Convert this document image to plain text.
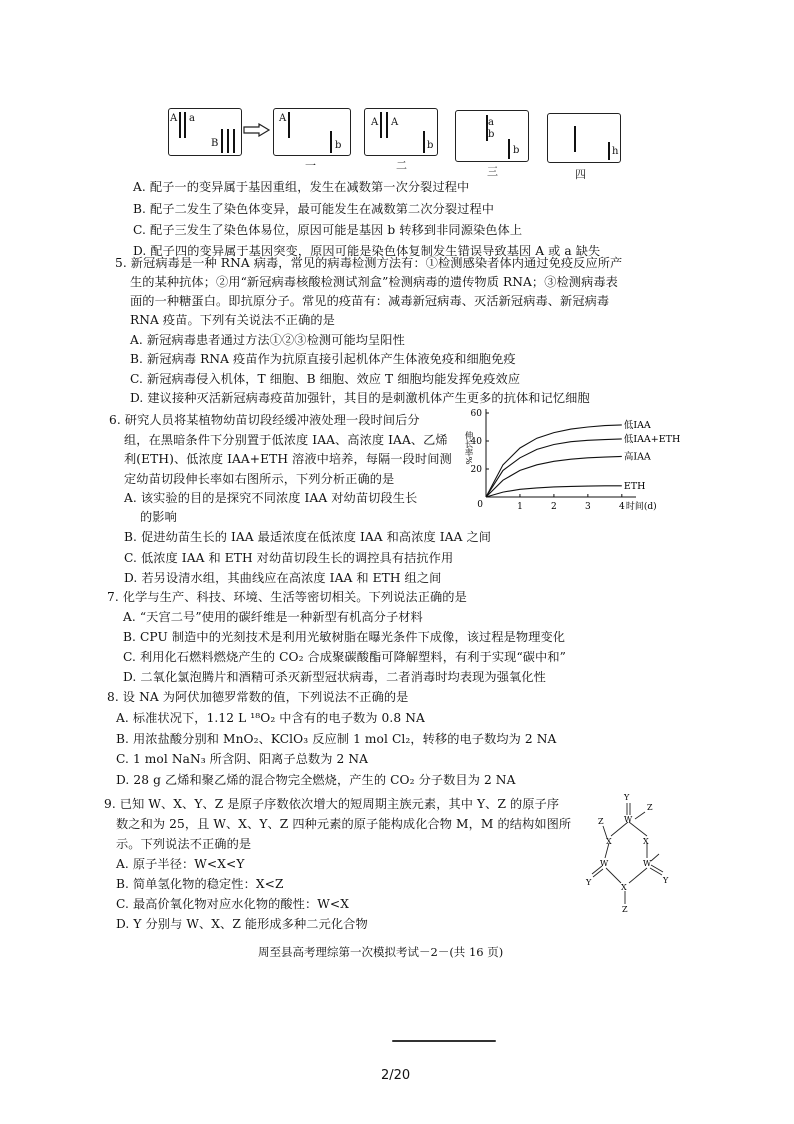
A a
B
A
b
一
A A
b
二
a
b
b
三
h
四
A. 配子一的变异属于基因重组，发生在减数第一次分裂过程中
B. 配子二发生了染色体变异，最可能发生在减数第二次分裂过程中
C. 配子三发生了染色体易位，原因可能是基因 b 转移到非同源染色体上
D. 配子四的变异属于基因突变，原因可能是染色体复制发生错误导致基因 A 或 a 缺失
5. 新冠病毒是一种 RNA 病毒，常见的病毒检测方法有：①检测感染者体内通过免疫反应所产
生的某种抗体；②用“新冠病毒核酸检测试剂盒”检测病毒的遗传物质 RNA；③检测病毒表
面的一种糖蛋白。即抗原分子。常见的疫苗有：减毒新冠病毒、灭活新冠病毒、新冠病毒
RNA 疫苗。下列有关说法不正确的是
A. 新冠病毒患者通过方法①②③检测可能均呈阳性
B. 新冠病毒 RNA 疫苗作为抗原直接引起机体产生体液免疫和细胞免疫
C. 新冠病毒侵入机体，T 细胞、B 细胞、效应 T 细胞均能发挥免疫效应
D. 建议接种灭活新冠病毒疫苗加强针，其目的是刺激机体产生更多的抗体和记忆细胞
6. 研究人员将某植物幼苗切段经缓冲液处理一段时间后分
组，在黑暗条件下分别置于低浓度 IAA、高浓度 IAA、乙烯
利(ETH)、低浓度 IAA+ETH 溶液中培养，每隔一段时间测
定幼苗切段伸长率如右图所示，下列分析正确的是
A. 该实验的目的是探究不同浓度 IAA 对幼苗切段生长
的影响
B. 促进幼苗生长的 IAA 最适浓度在低浓度 IAA 和高浓度 IAA 之间
C. 低浓度 IAA 和 ETH 对幼苗切段生长的调控具有拮抗作用
D. 若另设清水组，其曲线应在高浓度 IAA 和 ETH 组之间
20
40
60
1	2	3	4
0	时间(d)
伸长率%
低IAA
低IAA+ETH
高IAA
ETH
7. 化学与生产、科技、环境、生活等密切相关。下列说法正确的是
A. “天宫二号”使用的碳纤维是一种新型有机高分子材料
B. CPU 制造中的光刻技术是利用光敏树脂在曝光条件下成像，该过程是物理变化
C. 利用化石燃料燃烧产生的 CO₂ 合成聚碳酸酯可降解塑料，有利于实现“碳中和”
D. 二氧化氯泡腾片和酒精可杀灭新型冠状病毒，二者消毒时均表现为强氧化性
8. 设 NA 为阿伏加德罗常数的值，下列说法不正确的是
A. 标准状况下，1.12 L ¹⁸O₂ 中含有的电子数为 0.8 NA
B. 用浓盐酸分别和 MnO₂、KClO₃ 反应制 1 mol Cl₂，转移的电子数均为 2 NA
C. 1 mol NaN₃ 所含阴、阳离子总数为 2 NA
D. 28 g 乙烯和聚乙烯的混合物完全燃烧，产生的 CO₂ 分子数目为 2 NA
9. 已知 W、X、Y、Z 是原子序数依次增大的短周期主族元素，其中 Y、Z 的原子序
数之和为 25，且 W、X、Y、Z 四种元素的原子能构成化合物 M，M 的结构如图所
示。下列说法不正确的是
A. 原子半径：W<X<Y
B. 简单氢化物的稳定性：X<Z
C. 最高价氧化物对应水化物的酸性：W<X
D. Y 分别与 W、X、Z 能形成多种二元化合物
Y
W
Z
Z
X	X
W	W
Y	Y
X
Z
周至县高考理综第一次模拟考试－2－(共 16 页)
2/20
